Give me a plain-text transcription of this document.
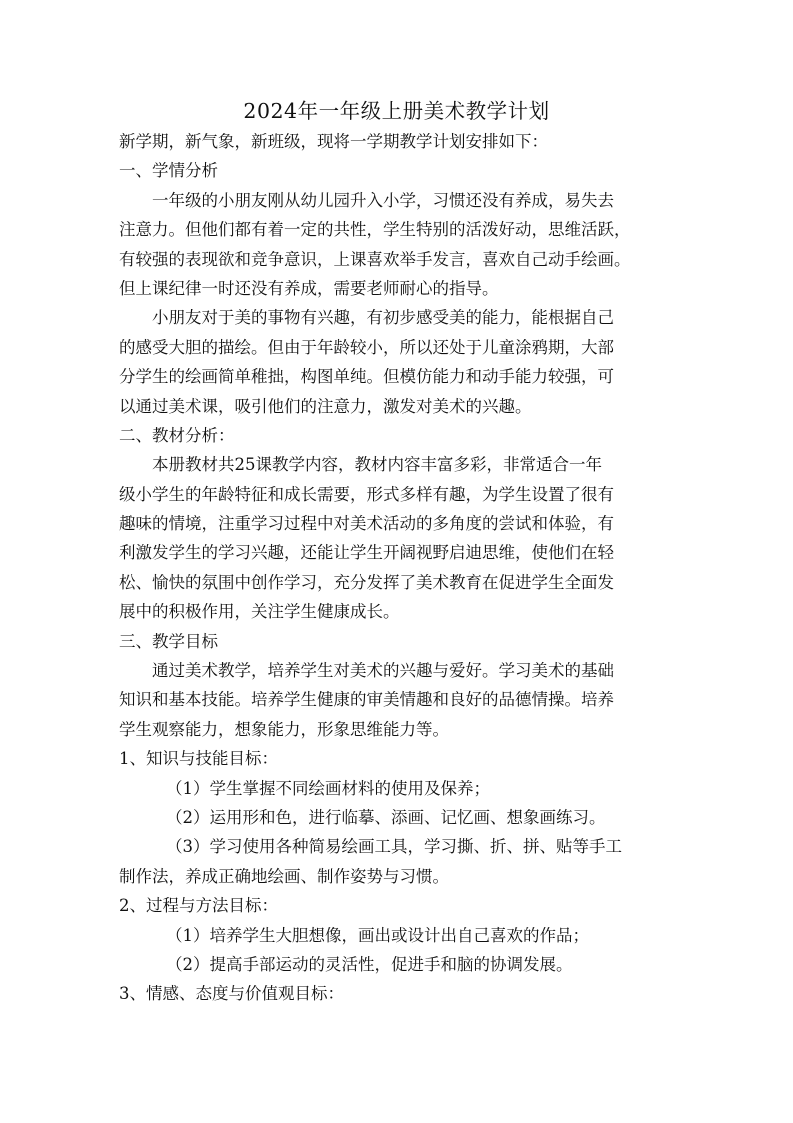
2024年一年级上册美术教学计划
新学期，新气象，新班级，现将一学期教学计划安排如下：
一、学情分析
一年级的小朋友刚从幼儿园升入小学，习惯还没有养成，易失去
注意力。但他们都有着一定的共性，学生特别的活泼好动，思维活跃，
有较强的表现欲和竞争意识，上课喜欢举手发言，喜欢自己动手绘画。
但上课纪律一时还没有养成，需要老师耐心的指导。
小朋友对于美的事物有兴趣，有初步感受美的能力，能根据自己
的感受大胆的描绘。但由于年龄较小，所以还处于儿童涂鸦期，大部
分学生的绘画简单稚拙，构图单纯。但模仿能力和动手能力较强，可
以通过美术课，吸引他们的注意力，激发对美术的兴趣。
二、教材分析：
本册教材共25课教学内容，教材内容丰富多彩，非常适合一年
级小学生的年龄特征和成长需要，形式多样有趣，为学生设置了很有
趣味的情境，注重学习过程中对美术活动的多角度的尝试和体验，有
利激发学生的学习兴趣，还能让学生开阔视野启迪思维，使他们在轻
松、愉快的氛围中创作学习，充分发挥了美术教育在促进学生全面发
展中的积极作用，关注学生健康成长。
三、教学目标
通过美术教学，培养学生对美术的兴趣与爱好。学习美术的基础
知识和基本技能。培养学生健康的审美情趣和良好的品德情操。培养
学生观察能力，想象能力，形象思维能力等。
1、知识与技能目标：
（1）学生掌握不同绘画材料的使用及保养；
（2）运用形和色，进行临摹、添画、记忆画、想象画练习。
（3）学习使用各种简易绘画工具，学习撕、折、拼、贴等手工
制作法，养成正确地绘画、制作姿势与习惯。
2、过程与方法目标：
（1）培养学生大胆想像，画出或设计出自己喜欢的作品；
（2）提高手部运动的灵活性，促进手和脑的协调发展。
3、情感、态度与价值观目标：
